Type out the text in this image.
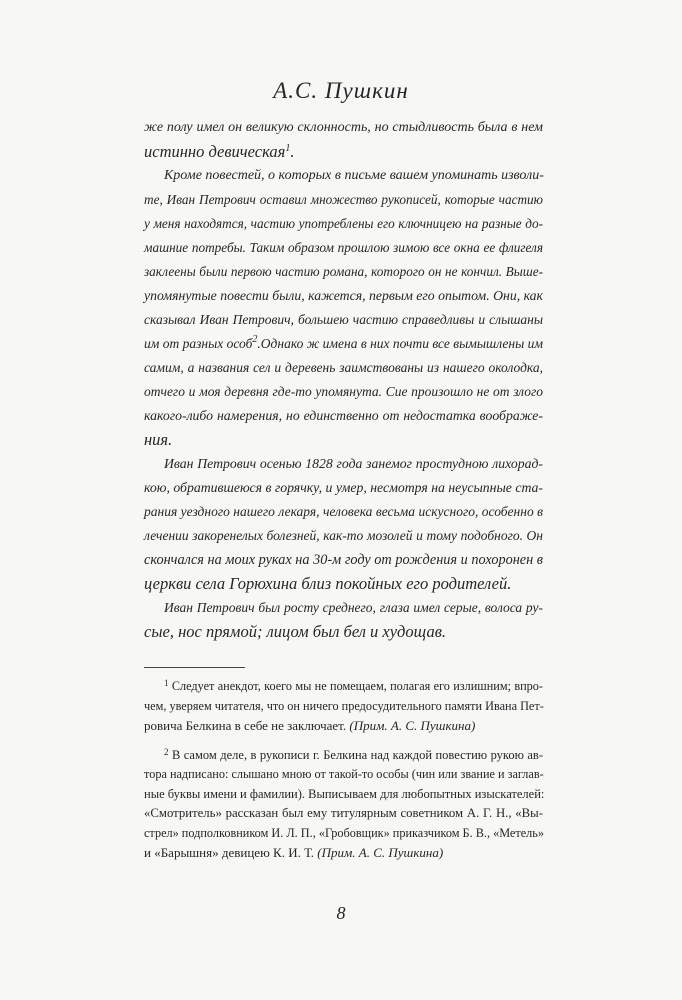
А.С. Пушкин
же полу имел он великую склонность, но стыдливость была в нем
истинно девическая$^1$.
Кроме повестей, о которых в письме вашем упоминать изволи-
те, Иван Петрович оставил множество рукописей, которые частию
у меня находятся, частию употреблены его ключницею на разные до-
машние потребы. Таким образом прошлою зимою все окна ее флигеля
заклеены были первою частию романа, которого он не кончил. Выше-
упомянутые повести были, кажется, первым его опытом. Они, как
сказывал Иван Петрович, большею частию справедливы и слышаны
им от разных особ$^2$. Однако ж имена в них почти все вымышлены им
самим, а названия сел и деревень заимствованы из нашего околодка,
отчего и моя деревня где-то упомянута. Сие произошло не от злого
какого-либо намерения, но единственно от недостатка воображе-
ния.
Иван Петрович осенью 1828 года занемог простудною лихорад-
кою, обратившеюся в горячку, и умер, несмотря на неусыпные ста-
рания уездного нашего лекаря, человека весьма искусного, особенно в
лечении закоренелых болезней, как-то мозолей и тому подобного. Он
скончался на моих руках на 30-м году от рождения и похоронен в
церкви села Горюхина близ покойных его родителей.
Иван Петрович был росту среднего, глаза имел серые, волоса ру-
сые, нос прямой; лицом был бел и худощав.
$^1$ Следует анекдот, коего мы не помещаем, полагая его излишним; впро-
чем, уверяем читателя, что он ничего предосудительного памяти Ивана Пет-
ровича Белкина в себе не заключает. (Прим. А. С. Пушкина)
$^2$ В самом деле, в рукописи г. Белкина над каждой повестию рукою ав-
тора надписано: слышано мною от такой-то особы (чин или звание и заглав-
ные буквы имени и фамилии). Выписываем для любопытных изыскателей:
«Смотритель» рассказан был ему титулярным советником А. Г. Н., «Вы-
стрел» подполковником И. Л. П., «Гробовщик» приказчиком Б. В., «Метель»
и «Барышня» девицею К. И. Т. (Прим. А. С. Пушкина)
8
